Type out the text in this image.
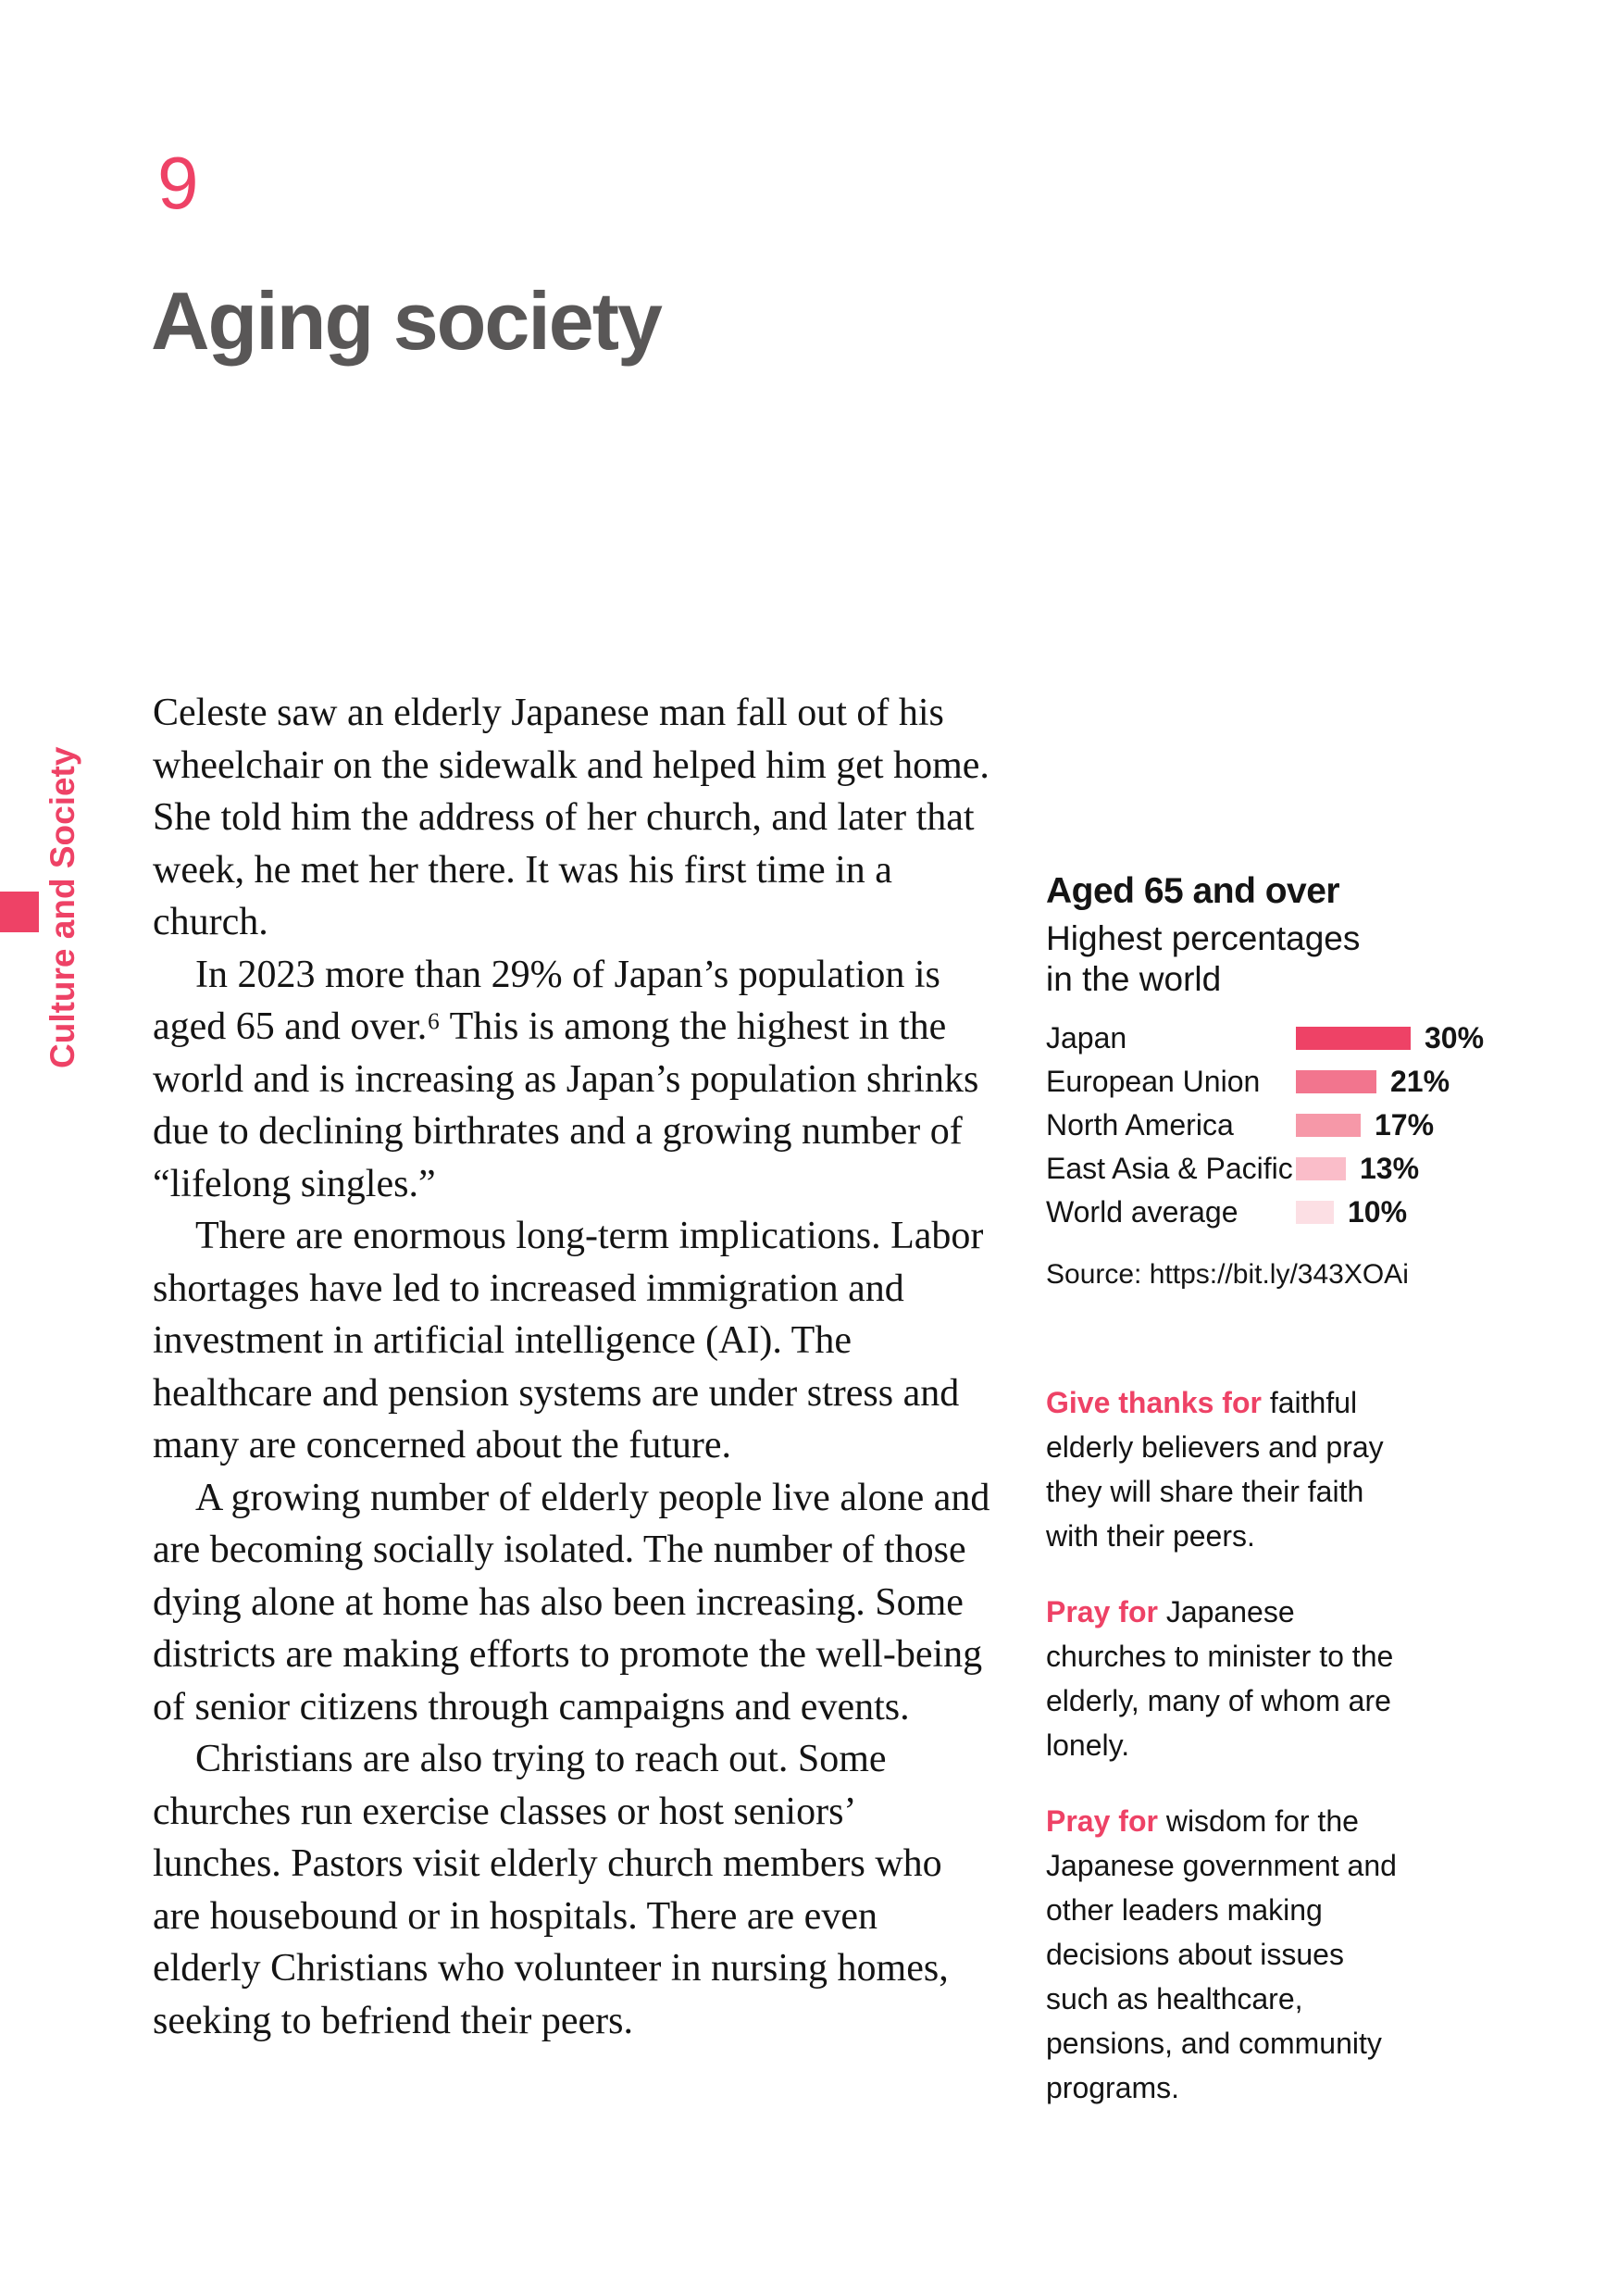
Culture and Society
9
Aging society

Celeste saw an elderly Japanese man fall out of his wheelchair on the sidewalk and helped him get home. She told him the address of her church, and later that week, he met her there. It was his first time in a church.

In 2023 more than 29% of Japan’s population is aged 65 and over.⁶ This is among the highest in the world and is increasing as Japan’s population shrinks due to declining birthrates and a growing number of “lifelong singles.”

There are enormous long-term implications. Labor shortages have led to increased immigration and investment in artificial intelligence (AI). The healthcare and pension systems are under stress and many are concerned about the future.

A growing number of elderly people live alone and are becoming socially isolated. The number of those dying alone at home has also been increasing. Some districts are making efforts to promote the well-being of senior citizens through campaigns and events.

Christians are also trying to reach out. Some churches run exercise classes or host seniors’ lunches. Pastors visit elderly church members who are housebound or in hospitals. There are even elderly Christians who volunteer in nursing homes, seeking to befriend their peers.

Aged 65 and over

Highest percentages in the world

Japan	30%
European Union	21%
North America	17%
East Asia & Pacific 13%
World average	10%
Source: https://bit.ly/343XOAi

Give thanks for faithful elderly believers and pray they will share their faith with their peers.

Pray for Japanese churches to minister to the elderly, many of whom are lonely.

Pray for wisdom for the Japanese government and other leaders making decisions about issues such as healthcare, pensions, and community programs.
